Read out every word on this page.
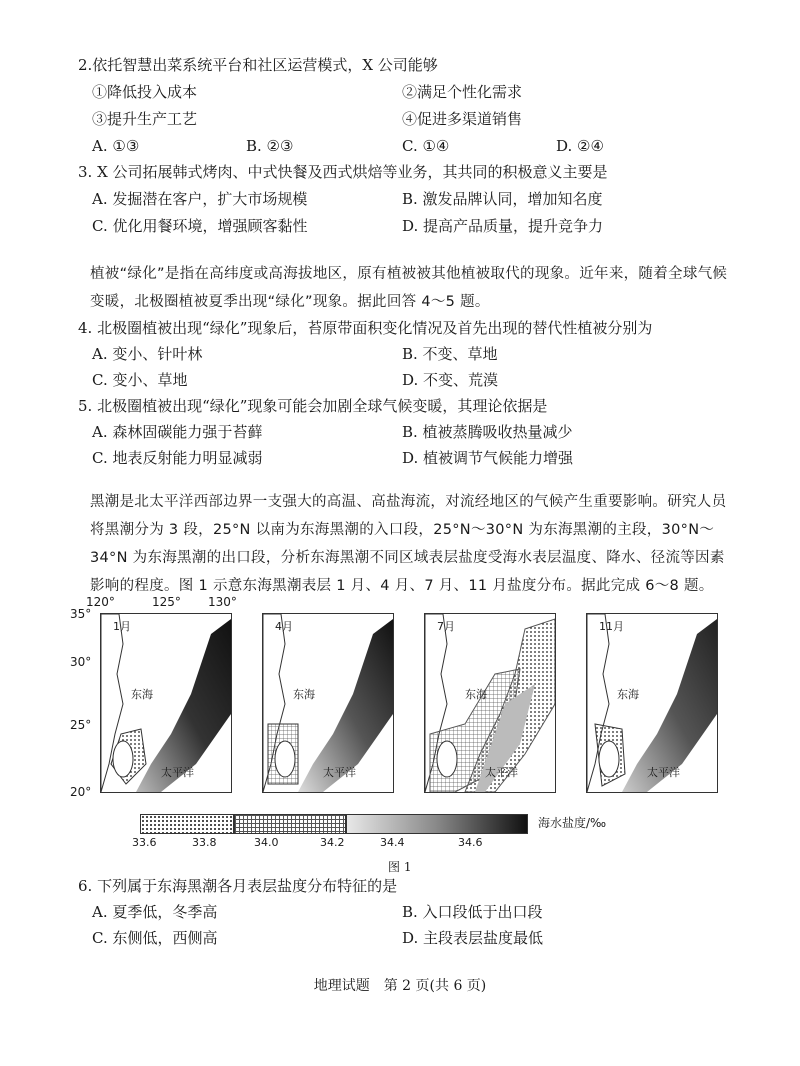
2.依托智慧出菜系统平台和社区运营模式，X 公司能够
①降低投入成本	②满足个性化需求
③提升生产工艺	④促进多渠道销售
A. ①③	B. ②③	C. ①④	D. ②④
3. X 公司拓展韩式烤肉、中式快餐及西式烘焙等业务，其共同的积极意义主要是
A. 发掘潜在客户，扩大市场规模	B. 激发品牌认同，增加知名度
C. 优化用餐环境，增强顾客黏性	D. 提高产品质量，提升竞争力
植被“绿化”是指在高纬度或高海拔地区，原有植被被其他植被取代的现象。近年来，随着全球气候变暖，北极圈植被夏季出现“绿化”现象。据此回答 4～5 题。
4. 北极圈植被出现“绿化”现象后，苔原带面积变化情况及首先出现的替代性植被分别为
A. 变小、针叶林	B. 不变、草地
C. 变小、草地	D. 不变、荒漠
5. 北极圈植被出现“绿化”现象可能会加剧全球气候变暖，其理论依据是
A. 森林固碳能力强于苔藓	B. 植被蒸腾吸收热量减少
C. 地表反射能力明显减弱	D. 植被调节气候能力增强
黑潮是北太平洋西部边界一支强大的高温、高盐海流，对流经地区的气候产生重要影响。研究人员将黑潮分为 3 段，25°N 以南为东海黑潮的入口段，25°N～30°N 为东海黑潮的主段，30°N～34°N 为东海黑潮的出口段，分析东海黑潮不同区域表层盐度受海水表层温度、降水、径流等因素影响的程度。图 1 示意东海黑潮表层 1 月、4 月、7 月、11 月盐度分布。据此完成 6～8 题。
35°
30°
25°
20°
120°	125° 130°
1月
东海
太平洋
4月
东海
太平洋
7月
东海
太平洋
11月
东海
太平洋
33.6	33.8	34.0	34.2	34.4	34.6
海水盐度/‰
图 1
6. 下列属于东海黑潮各月表层盐度分布特征的是
A. 夏季低，冬季高	B. 入口段低于出口段
C. 东侧低，西侧高	D. 主段表层盐度最低
地理试题　第 2 页(共 6 页)
